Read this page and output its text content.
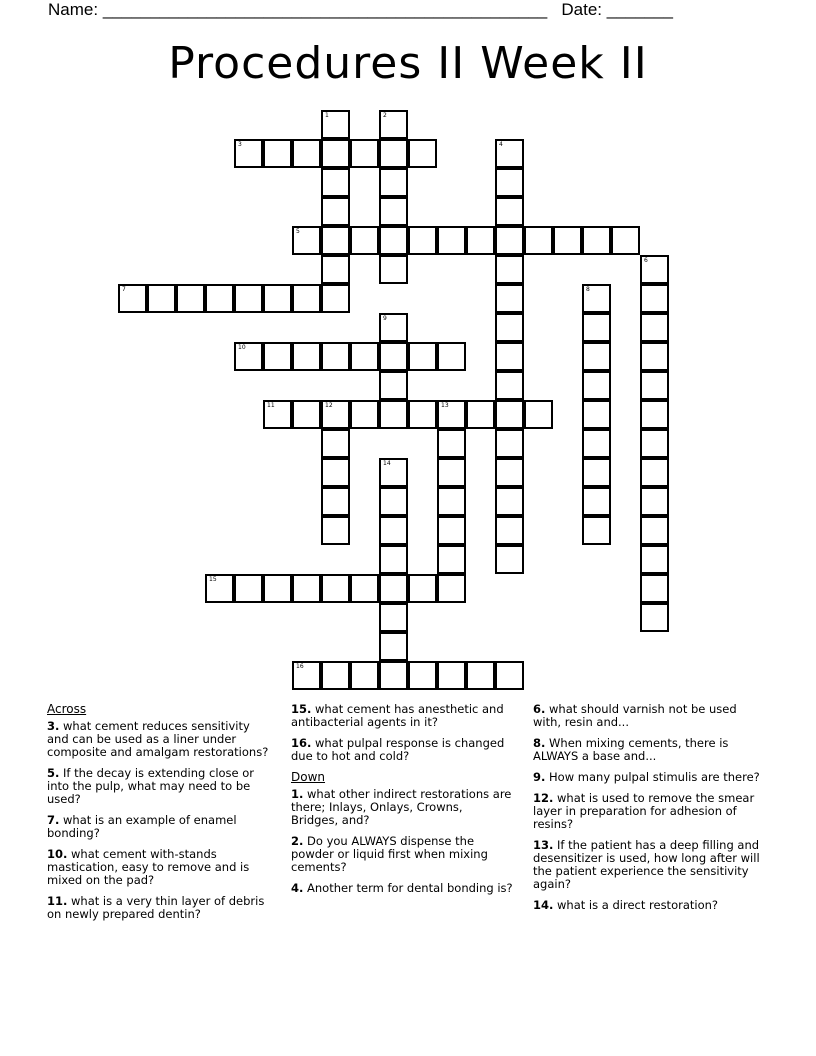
Name: _______________________________________________ Date: _______
Procedures II Week II
3
5
7
10
11	12	13
15
16
1	2
4
6
8
9
14
Across
3. what cement reduces sensitivity and can be used as a liner under composite and amalgam restorations?
5. If the decay is extending close or into the pulp, what may need to be used?
7. what is an example of enamel bonding?
10. what cement with-stands mastication, easy to remove and is mixed on the pad?
11. what is a very thin layer of debris on newly prepared dentin?
15. what cement has anesthetic and antibacterial agents in it?
16. what pulpal response is changed due to hot and cold?
Down
1. what other indirect restorations are there; Inlays, Onlays, Crowns, Bridges, and?
2. Do you ALWAYS dispense the powder or liquid first when mixing cements?
4. Another term for dental bonding is?
6. what should varnish not be used with, resin and...
8. When mixing cements, there is ALWAYS a base and...
9. How many pulpal stimulis are there?
12. what is used to remove the smear layer in preparation for adhesion of resins?
13. If the patient has a deep filling and desensitizer is used, how long after will the patient experience the sensitivity again?
14. what is a direct restoration?
